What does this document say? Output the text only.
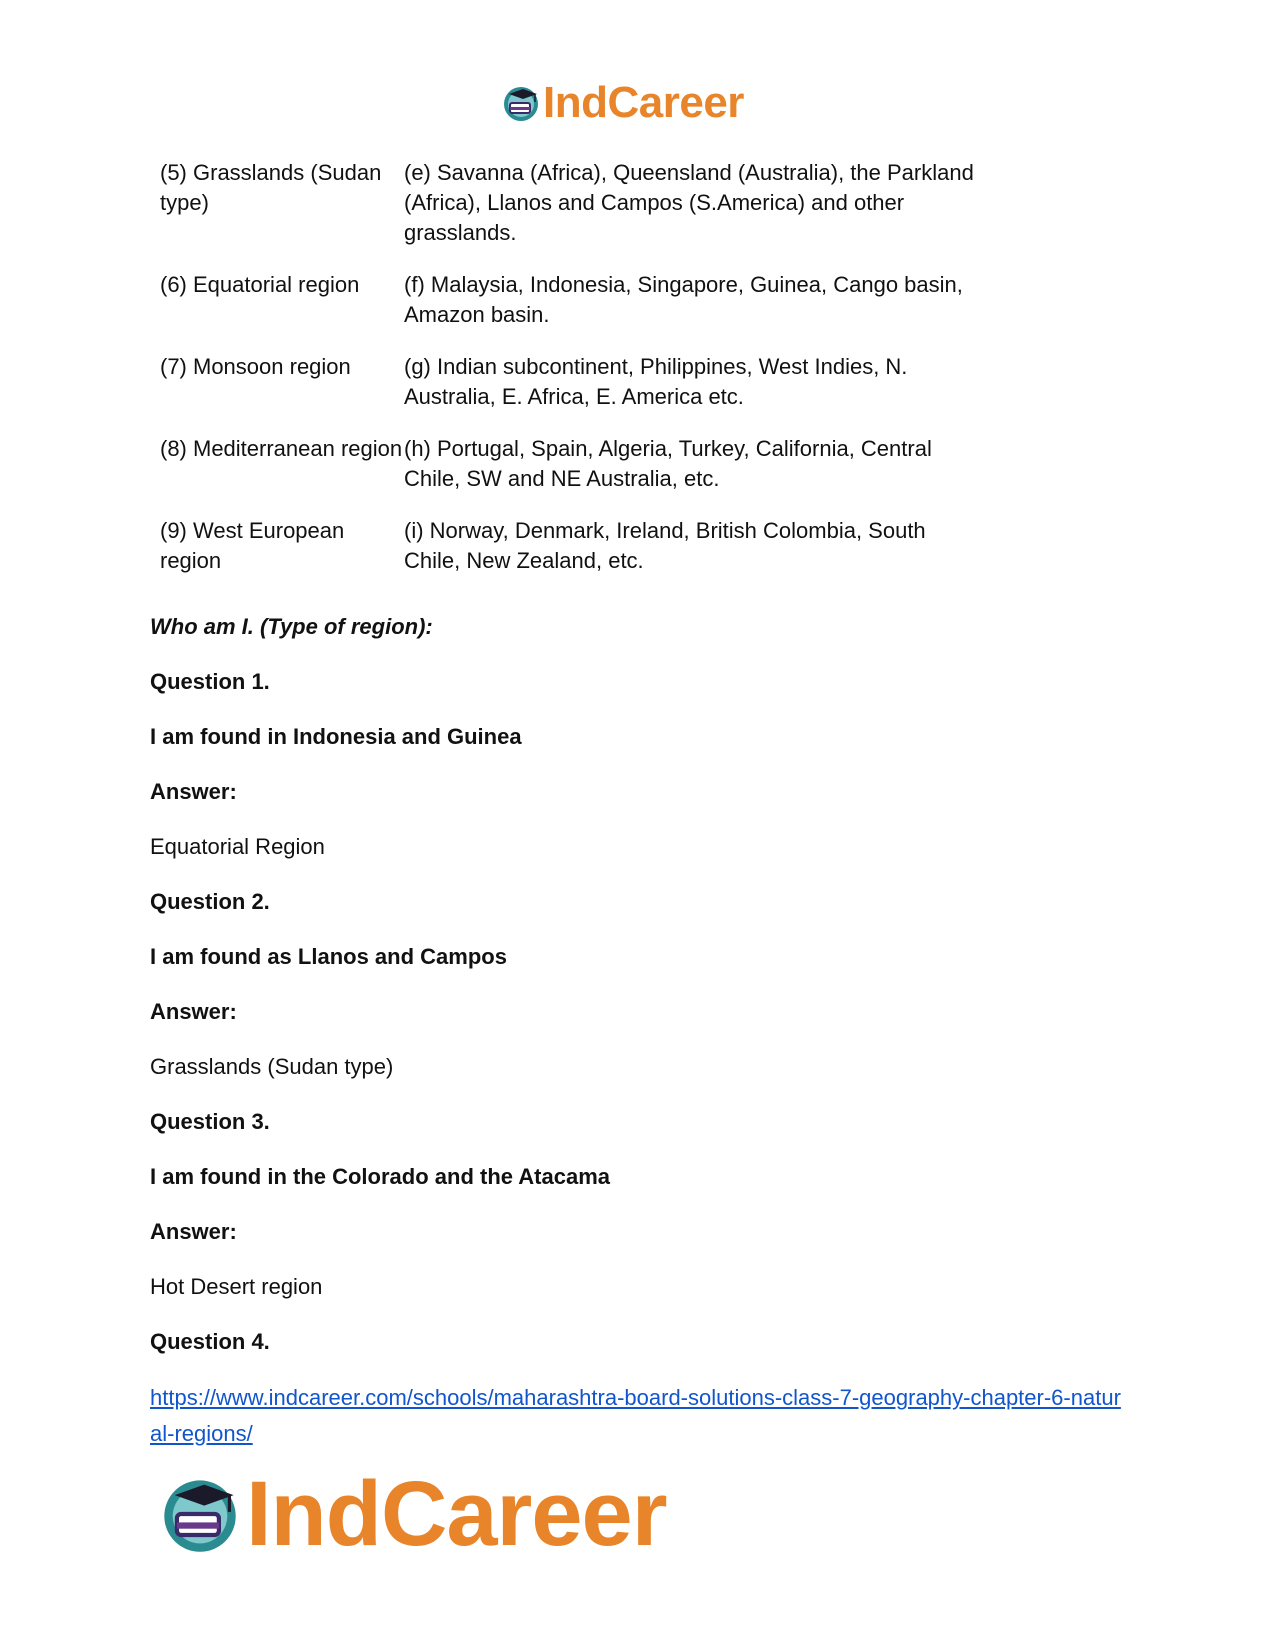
IndCareer
(5) Grasslands (Sudan type)
(e) Savanna (Africa), Queensland (Australia), the Parkland (Africa), Llanos and Campos (S.America) and other grasslands.
(6) Equatorial region	(f) Malaysia, Indonesia, Singapore, Guinea, Cango basin, Amazon basin.
(7) Monsoon region	(g) Indian subcontinent, Philippines, West Indies, N. Australia, E. Africa, E. America etc.
(8) Mediterranean region (h) Portugal, Spain, Algeria, Turkey, California, Central Chile, SW and NE Australia, etc.
(9) West European region
(i) Norway, Denmark, Ireland, British Colombia, South Chile, New Zealand, etc.

Who am I. (Type of region):

Question 1.

I am found in Indonesia and Guinea

Answer:

Equatorial Region

Question 2.

I am found as Llanos and Campos

Answer:

Grasslands (Sudan type)

Question 3.

I am found in the Colorado and the Atacama

Answer:

Hot Desert region

Question 4.

https://www.indcareer.com/schools/maharashtra-board-solutions-class-7-geography-chapter-6-natural-regions/
IndCareer
